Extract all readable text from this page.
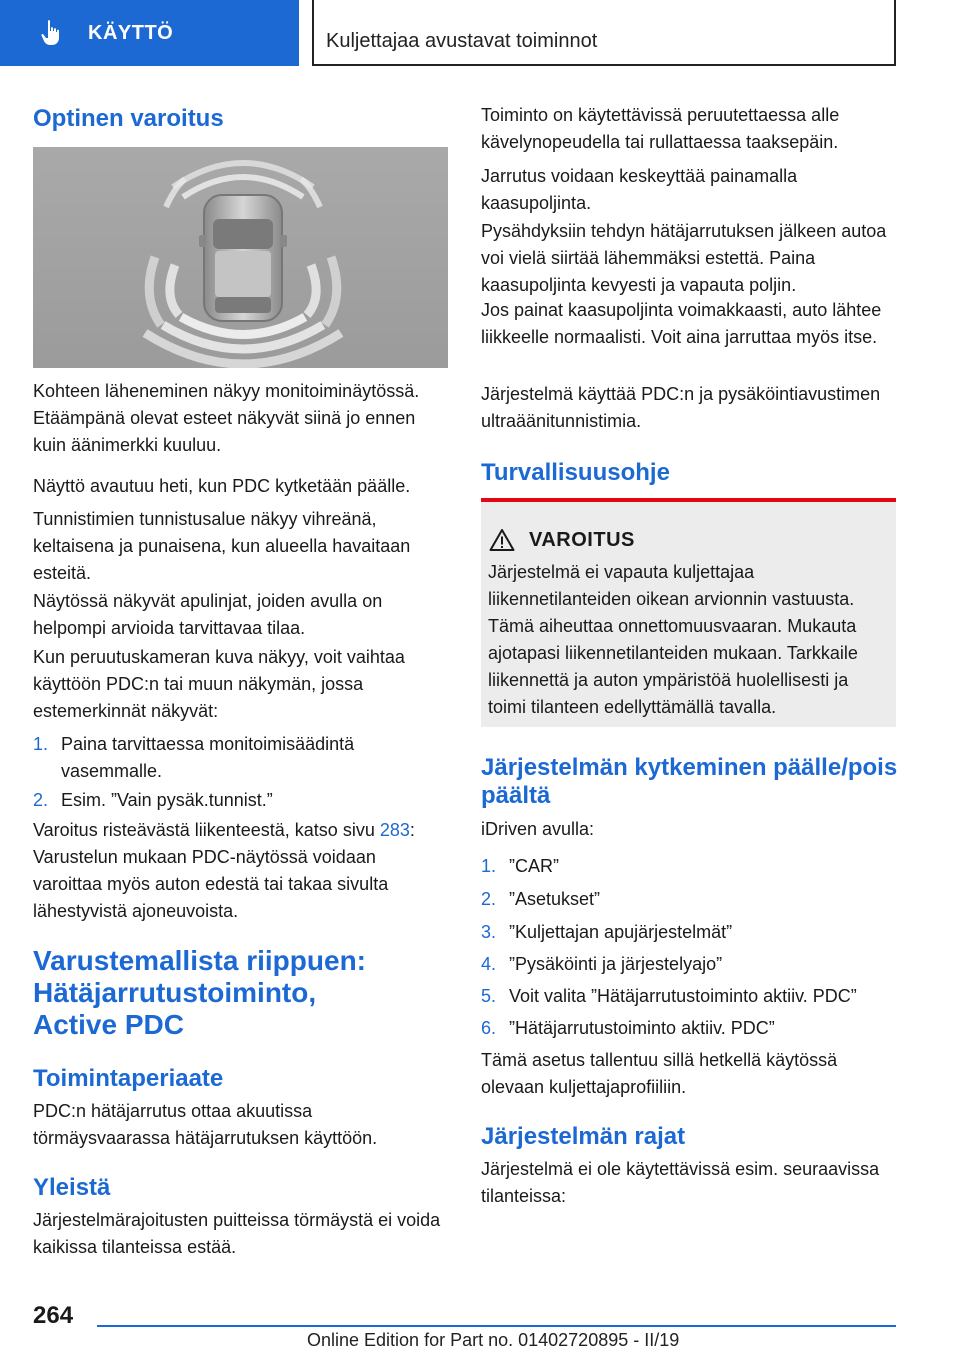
KÄYTTÖ	Kuljettajaa avustavat toiminnot
Optinen varoitus
Kohteen läheneminen näkyy monitoiminäytössä. Etäämpänä olevat esteet näkyvät siinä jo ennen kuin äänimerkki kuuluu.
Näyttö avautuu heti, kun PDC kytketään päälle.
Tunnistimien tunnistusalue näkyy vihreänä, keltaisena ja punaisena, kun alueella havaitaan esteitä.
Näytössä näkyvät apulinjat, joiden avulla on helpompi arvioida tarvittavaa tilaa.
Kun peruutuskameran kuva näkyy, voit vaihtaa käyttöön PDC:n tai muun näkymän, jossa estemerkinnät näkyvät:
1. Paina tarvittaessa monitoimisäädintä vasemmalle.
2. Esim. ”Vain pysäk.tunnist.”
Varoitus risteävästä liikenteestä, katso sivu 283: Varustelun mukaan PDC-näytössä voidaan varoittaa myös auton edestä tai takaa sivulta lähestyvistä ajoneuvoista.
Varustemallista riippuen:
Hätäjarrutustoiminto,
Active PDC
Toimintaperiaate
PDC:n hätäjarrutus ottaa akuutissa törmäysvaarassa hätäjarrutuksen käyttöön.
Yleistä
Järjestelmärajoitusten puitteissa törmäystä ei voida kaikissa tilanteissa estää.
Toiminto on käytettävissä peruutettaessa alle kävelynopeudella tai rullattaessa taaksepäin.
Jarrutus voidaan keskeyttää painamalla kaasupoljinta.
Pysähdyksiin tehdyn hätäjarrutuksen jälkeen autoa voi vielä siirtää lähemmäksi estettä. Paina kaasupoljinta kevyesti ja vapauta poljin.
Jos painat kaasupoljinta voimakkaasti, auto lähtee liikkeelle normaalisti. Voit aina jarruttaa myös itse.
Järjestelmä käyttää PDC:n ja pysäköintiavustimen ultraäänitunnistimia.
Turvallisuusohje
VAROITUS
Järjestelmä ei vapauta kuljettajaa liikennetilanteiden oikean arvionnin vastuusta. Tämä aiheuttaa onnettomuusvaaran. Mukauta ajotapasi liikennetilanteiden mukaan. Tarkkaile liikennettä ja auton ympäristöä huolellisesti ja toimi tilanteen edellyttämällä tavalla.
Järjestelmän kytkeminen päälle/pois
päältä
iDriven avulla:
1. ”CAR”
2. ”Asetukset”
3. ”Kuljettajan apujärjestelmät”
4. ”Pysäköinti ja järjestelyajo”
5. Voit valita ”Hätäjarrutustoiminto aktiiv. PDC”
6. ”Hätäjarrutustoiminto aktiiv. PDC”
Tämä asetus tallentuu sillä hetkellä käytössä olevaan kuljettajaprofiiliin.
Järjestelmän rajat
Järjestelmä ei ole käytettävissä esim. seuraavissa tilanteissa:
264
Online Edition for Part no. 01402720895 - II/19
